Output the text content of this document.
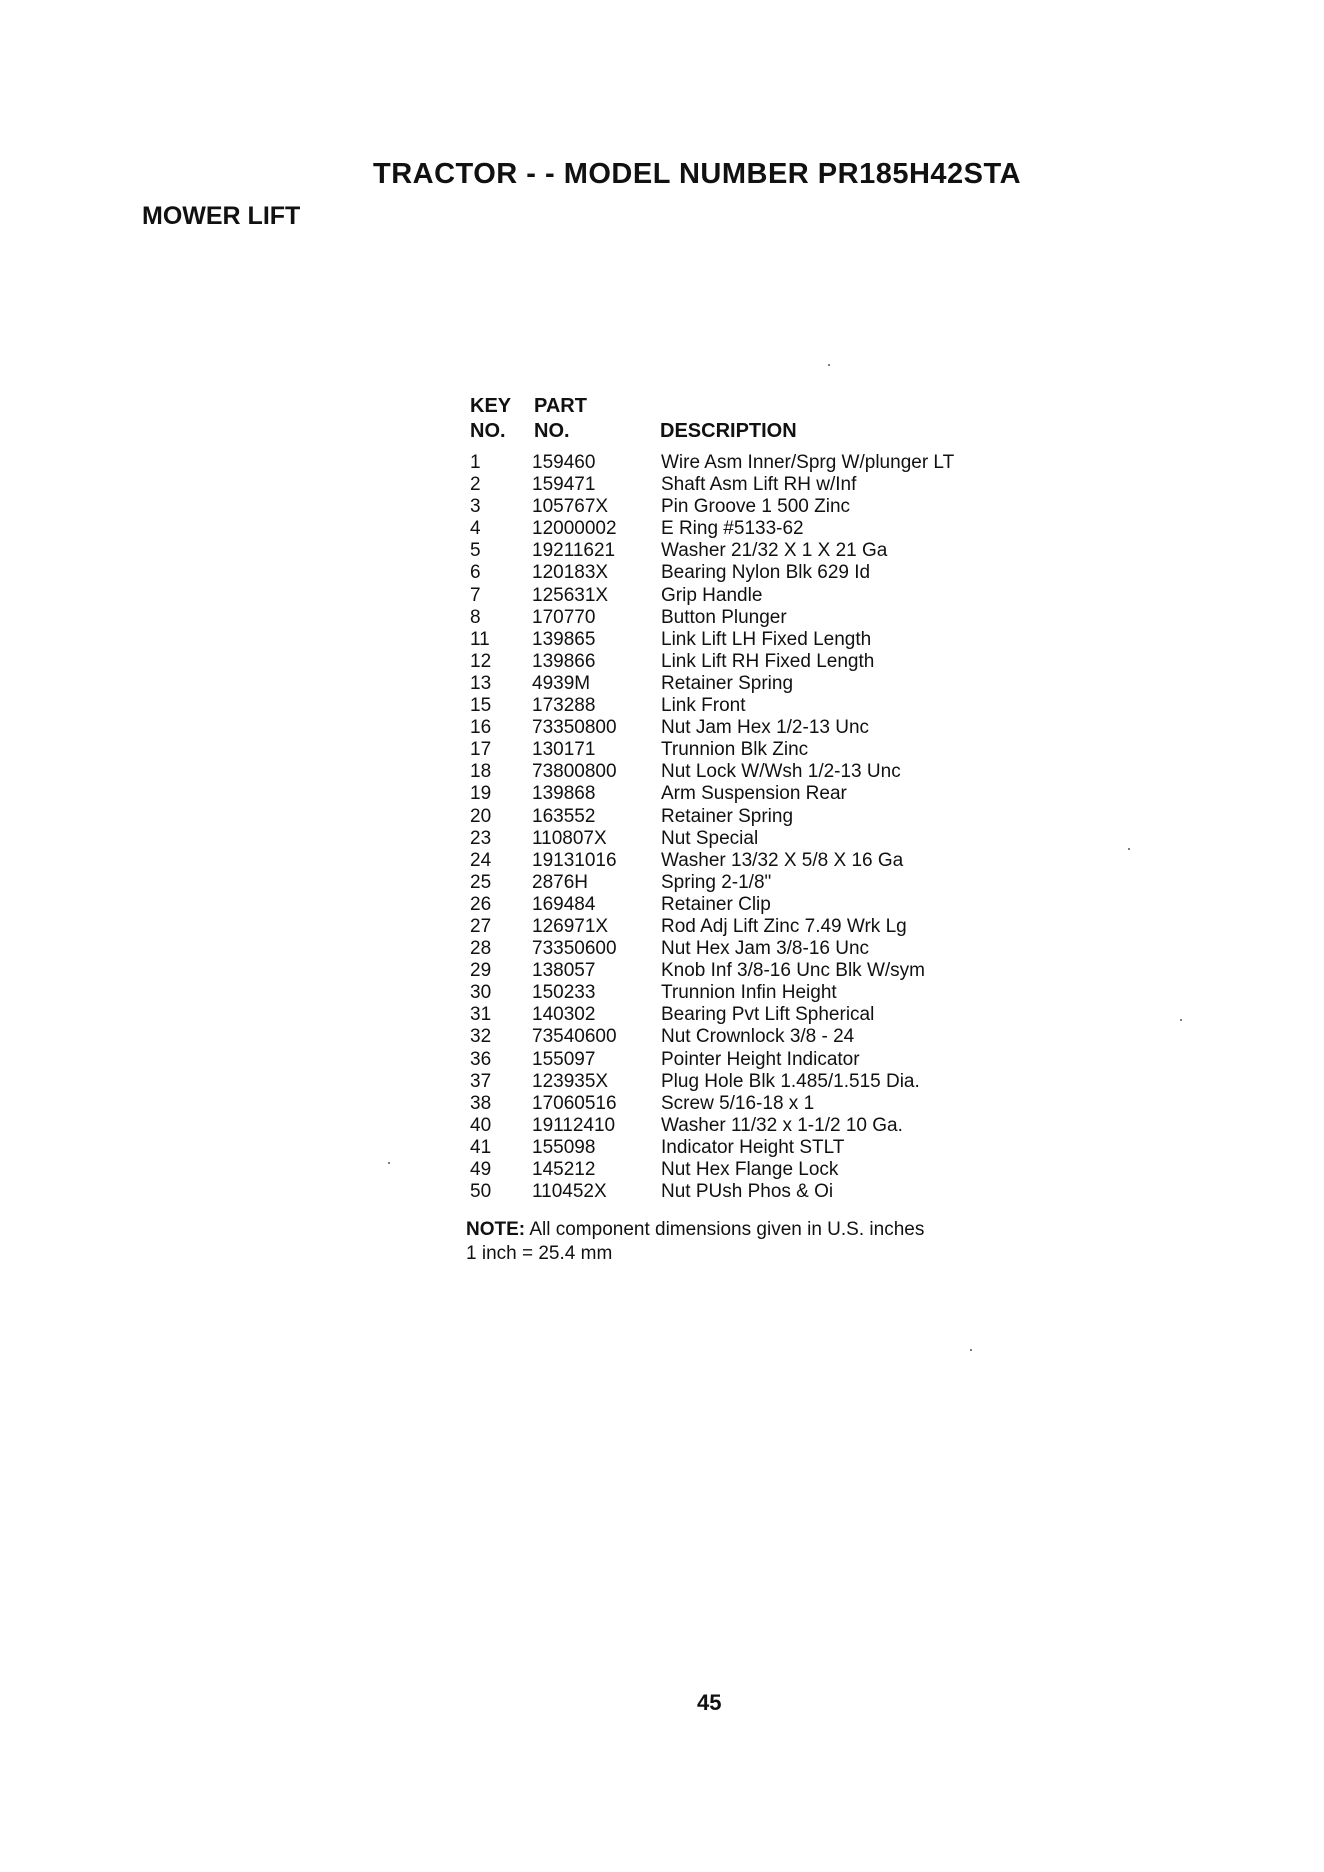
TRACTOR - - MODEL NUMBER PR185H42STA
MOWER LIFT
KEY
NO.
PART
NO.	DESCRIPTION
1	159460	Wire Asm Inner/Sprg W/plunger LT
2	159471	Shaft Asm Lift RH w/Inf
3	105767X	Pin Groove 1 500 Zinc
4	12000002 E Ring #5133-62
5	19211621 Washer 21/32 X 1 X 21 Ga
6	120183X	Bearing Nylon Blk 629 Id
7	125631X	Grip Handle
8	170770	Button Plunger
11 139865	Link Lift LH Fixed Length
12 139866	Link Lift RH Fixed Length
13 4939M	Retainer Spring
15 173288	Link Front
16 73350800 Nut Jam Hex 1/2-13 Unc
17 130171	Trunnion Blk Zinc
18 73800800 Nut Lock W/Wsh 1/2-13 Unc
19 139868	Arm Suspension Rear
20 163552	Retainer Spring
23 110807X	Nut Special
24 19131016 Washer 13/32 X 5/8 X 16 Ga
25 2876H	Spring 2-1/8"
26 169484	Retainer Clip
27 126971X	Rod Adj Lift Zinc 7.49 Wrk Lg
28 73350600 Nut Hex Jam 3/8-16 Unc
29 138057	Knob Inf 3/8-16 Unc Blk W/sym
30 150233	Trunnion Infin Height
31 140302	Bearing Pvt Lift Spherical
32 73540600 Nut Crownlock 3/8 - 24
36 155097	Pointer Height Indicator
37 123935X	Plug Hole Blk 1.485/1.515 Dia.
38 17060516 Screw 5/16-18 x 1
40 19112410 Washer 11/32 x 1-1/2 10 Ga.
41 155098	Indicator Height STLT
49 145212	Nut Hex Flange Lock
50 110452X	Nut PUsh Phos & Oi
NOTE: All component dimensions given in U.S. inches
1 inch = 25.4 mm
45
